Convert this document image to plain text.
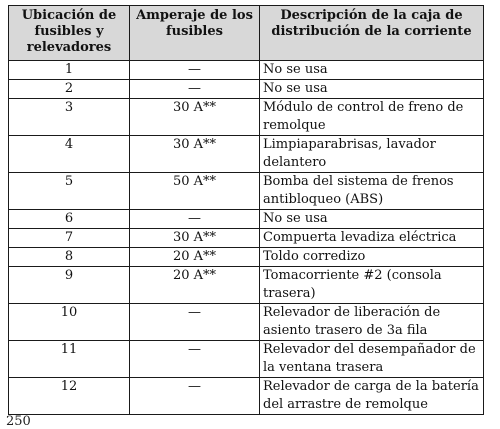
Ubicación de fusibles y relevadores	Amperaje de los fusibles	Descripción de la caja de distribución de la corriente
1	—	No se usa
2	—	No se usa
3	30 A**	Módulo de control de freno de remolque
4	30 A**	Limpiaparabrisas, lavador delantero
5	50 A**	Bomba del sistema de frenos antibloqueo (ABS)
6	—	No se usa
7	30 A**	Compuerta levadiza eléctrica
8	20 A**	Toldo corredizo
9	20 A**	Tomacorriente #2 (consola trasera)
10	—	Relevador de liberación de asiento trasero de 3a fila
11	—	Relevador del desempañador de la ventana trasera
12	—	Relevador de carga de la batería del arrastre de remolque
250
